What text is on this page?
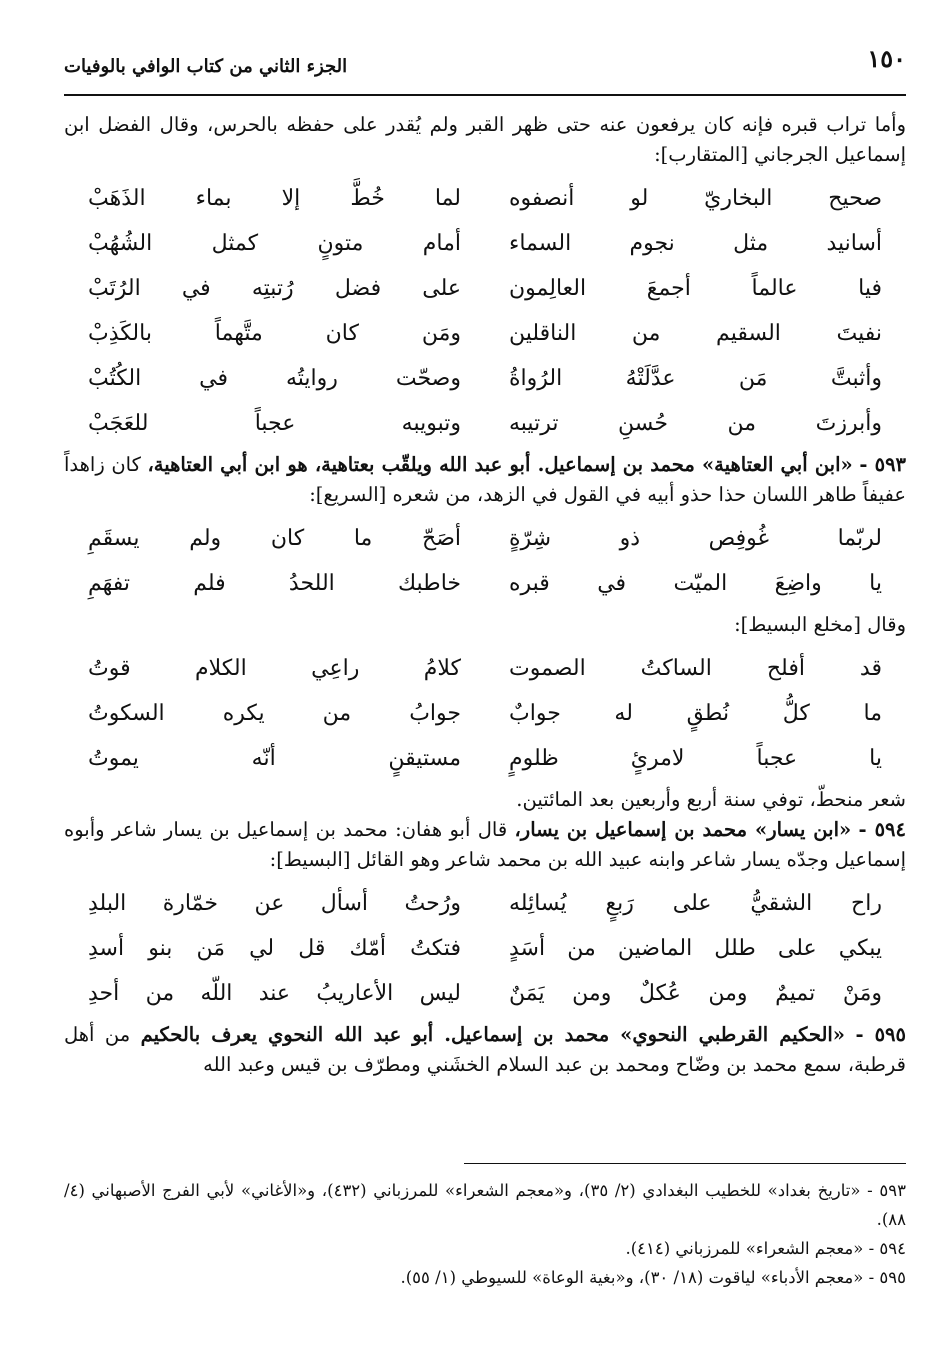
١٥٠
الجزء الثاني من كتاب الوافي بالوفيات

وأما تراب قبره فإنه كان يرفعون عنه حتى ظهر القبر ولم يُقدر على حفظه بالحرس، وقال الفضل ابن إسماعيل الجرجاني [المتقارب]:

صحيح البخاريّ لو أنصفوه
لما خُطَّ إلا بماء الذَهَبْ
أسانيد مثل نجوم السماء
أمام متونٍ كمثل الشُهُبْ
فيا عالماً أجمعَ العالِمون
على فضل رُتبتِه في الرُتَبْ
نفيتَ السقيم من الناقلين
ومَن كان متَّهماً بالكَذِبْ
وأثبتَّ مَن عدَّلَتْهُ الرُواةُ
وصحّت روايتُه في الكُتُبْ
وأبرزتَ من حُسنِ ترتيبه
وتبويبه عجباً للعَجَبْ

٥٩٣ - «ابن أبي العتاهية» محمد بن إسماعيل. أبو عبد الله ويلقّب بعتاهية، هو ابن أبي العتاهية، كان زاهداً عفيفاً طاهر اللسان حذا حذو أبيه في القول في الزهد، من شعره [السريع]:

لربّما غُوفِص ذو شِرّةٍ
أصَحّ ما كان ولم يسقَمِ
يا واضِعَ الميّت في قبره
خاطبك اللحدُ فلم تفهَمِ

وقال [مخلع البسيط]:

قد أفلح الساكتُ الصموت
كلامُ راعِي الكلام قوتُ
ما كلُّ نُطقٍ له جوابٌ
جوابُ من يكره السكوتُ
يا عجباً لامرئٍ ظلومٍ
مستيقنٍ أنّه يموتُ

شعر منحطّ، توفي سنة أربع وأربعين بعد المائتين.

٥٩٤ - «ابن يسار» محمد بن إسماعيل بن يسار، قال أبو هفان: محمد بن إسماعيل بن يسار شاعر وأبوه إسماعيل وجدّه يسار شاعر وابنه عبيد الله بن محمد شاعر وهو القائل [البسيط]:

راح الشقيُّ على رَبعٍ يُسائِله
ورُحتُ أسأل عن خمّارة البلدِ
يبكي على طلل الماضين من أسَدٍ
فتكتُ أمّك قل لي مَن بنو أسدِ
ومَنْ تميمٌ ومن عُكلٌ ومن يَمَنٌ
ليس الأعاريبُ عند اللّه من أحدِ

٥٩٥ - «الحكيم القرطبي النحوي» محمد بن إسماعيل. أبو عبد الله النحوي يعرف بالحكيم من أهل قرطبة، سمع محمد بن وضّاح ومحمد بن عبد السلام الخشَني ومطرّف بن قيس وعبد الله

٥٩٣ - «تاريخ بغداد» للخطيب البغدادي (٢/ ٣٥)، و«معجم الشعراء» للمرزباني (٤٣٢)، و«الأغاني» لأبي الفرج الأصبهاني (٤/ ٨٨).

٥٩٤ - «معجم الشعراء» للمرزباني (٤١٤).

٥٩٥ - «معجم الأدباء» لياقوت (١٨/ ٣٠)، و«بغية الوعاة» للسيوطي (١/ ٥٥).
